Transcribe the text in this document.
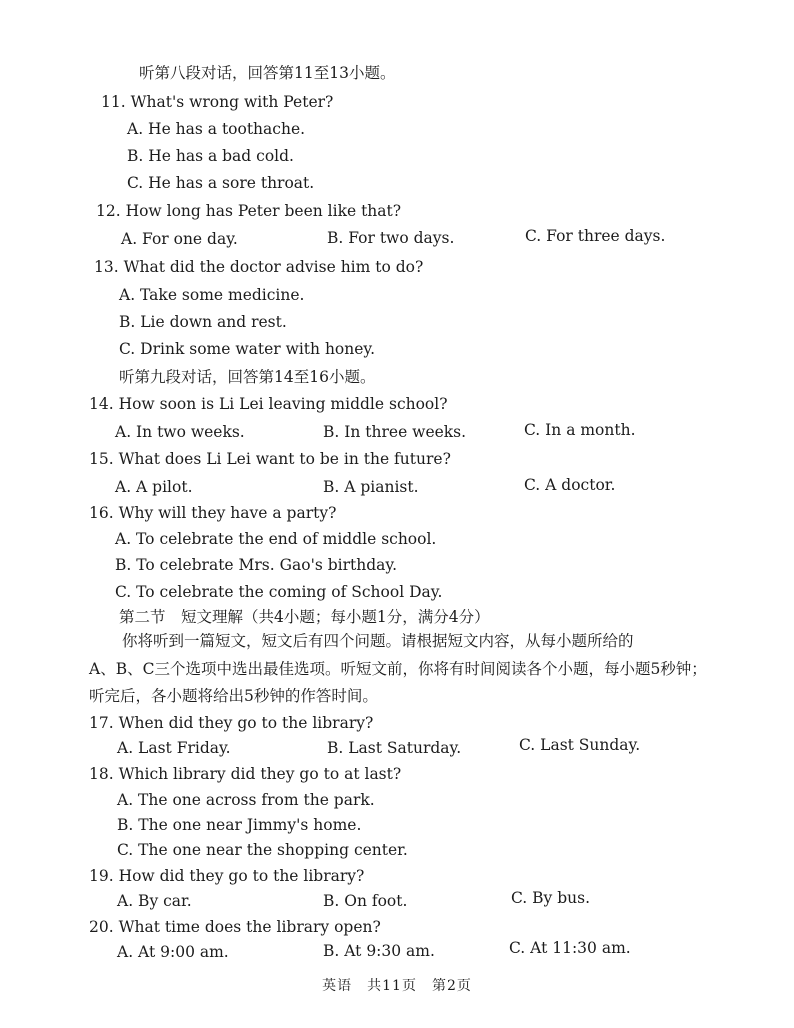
听第八段对话，回答第11至13小题。
11. What's wrong with Peter?
A. He has a toothache.
B. He has a bad cold.
C. He has a sore throat.
12. How long has Peter been like that?
A. For one day.	B. For two days.	C. For three days.
13. What did the doctor advise him to do?
A. Take some medicine.
B. Lie down and rest.
C. Drink some water with honey.
听第九段对话，回答第14至16小题。
14. How soon is Li Lei leaving middle school?
A. In two weeks.	B. In three weeks.	C. In a month.
15. What does Li Lei want to be in the future?
A. A pilot.	B. A pianist.	C. A doctor.
16. Why will they have a party?
A. To celebrate the end of middle school.
B. To celebrate Mrs. Gao's birthday.
C. To celebrate the coming of School Day.
第二节　短文理解（共4小题；每小题1分，满分4分）
你将听到一篇短文，短文后有四个问题。请根据短文内容，从每小题所给的
A、B、C三个选项中选出最佳选项。听短文前，你将有时间阅读各个小题，每小题5秒钟；听完后，各小题将给出5秒钟的作答时间。
17. When did they go to the library?
A. Last Friday.	B. Last Saturday.	C. Last Sunday.
18. Which library did they go to at last?
A. The one across from the park.
B. The one near Jimmy's home.
C. The one near the shopping center.
19. How did they go to the library?
A. By car.	B. On foot.	C. By bus.
20. What time does the library open?
A. At 9:00 am.	B. At 9:30 am.	C. At 11:30 am.
英语　共11页　第2页
